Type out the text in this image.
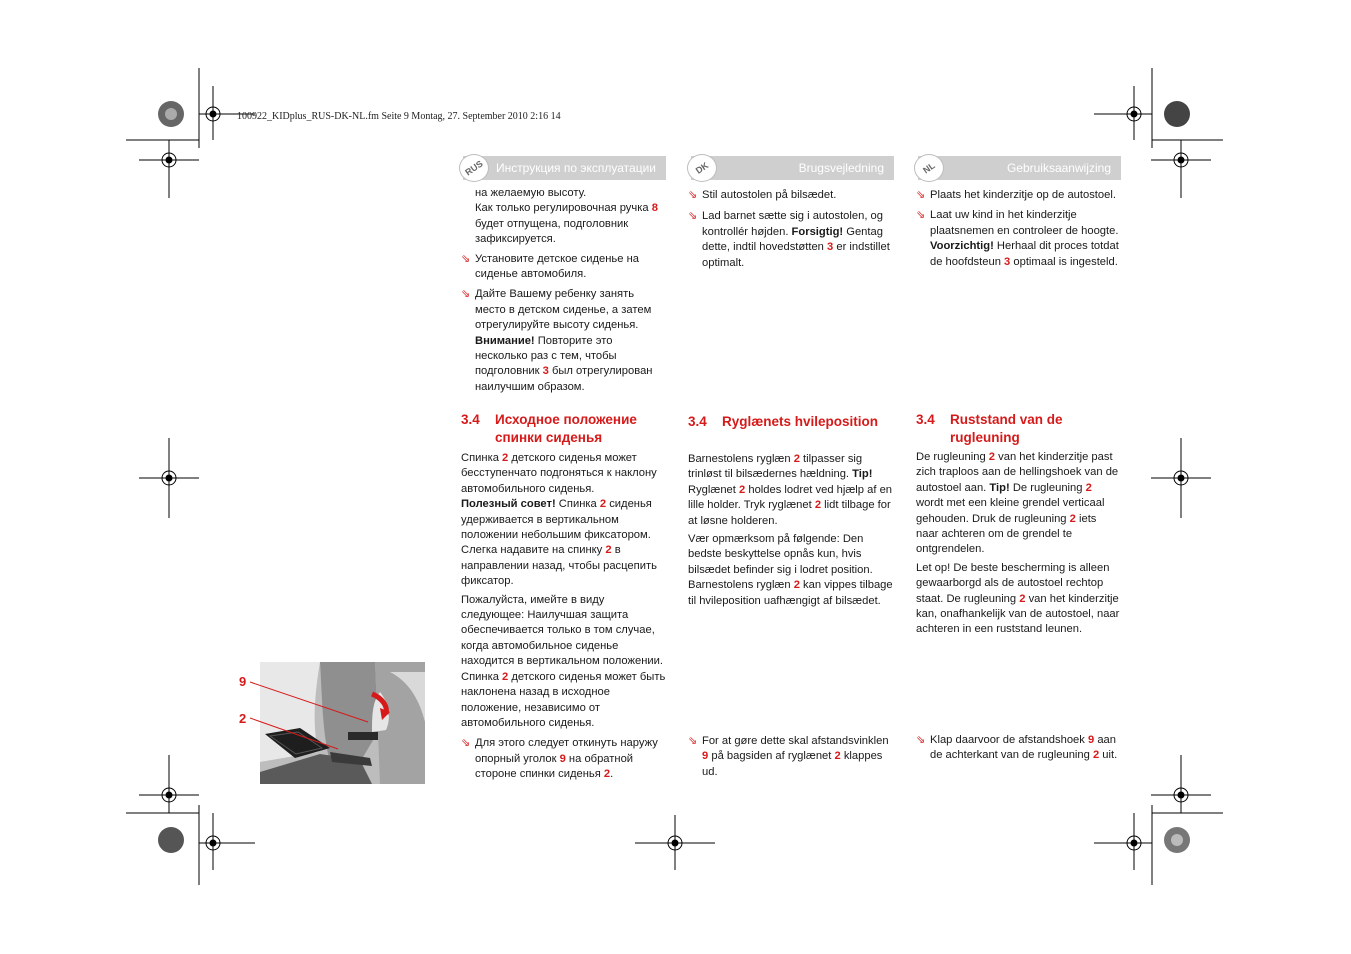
100922_KIDplus_RUS-DK-NL.fm Seite 9 Montag, 27. September 2010 2:16 14
RUS Инструкция по эксплуатации	DK	Brugsvejledning	NL	Gebruiksaanwijzing

на желаемую высоту.

Как только регулировочная ручка 8 будет отпущена, подголовник зафиксируется.

⇘ Установите детское сиденье на сиденье автомобиля.

⇘ Дайте Вашему ребенку занять место в детском сиденье, а затем отрегулируйте высоту сиденья. Внимание! Повторите это несколько раз с тем, чтобы подголовник 3 был отрегулирован наилучшим образом.

3.4 Исходное положение спинки сиденья

Спинка 2 детского сиденья может бесступенчато подгоняться к наклону автомобильного сиденья.

Полезный совет! Спинка 2 сиденья удерживается в вертикальном положении небольшим фиксатором. Слегка надавите на спинку 2 в направлении назад, чтобы расцепить фиксатор.

Пожалуйста, имейте в виду следующее: Наилучшая защита обеспечивается только в том случае, когда автомобильное сиденье находится в вертикальном положении. Спинка 2 детского сиденья может быть наклонена назад в исходное положение, независимо от автомобильного сиденья.

⇘ Для этого следует откинуть наружу опорный уголок 9 на обратной стороне спинки сиденья 2.

⇘ Stil autostolen på bilsædet.

⇘ Lad barnet sætte sig i autostolen, og kontrollér højden. Forsigtig! Gentag dette, indtil hovedstøtten 3 er indstillet optimalt.

3.4 Ryglænets hvileposition

Barnestolens ryglæn 2 tilpasser sig trinløst til bilsædernes hældning. Tip! Ryglænet 2 holdes lodret ved hjælp af en lille holder. Tryk ryglænet 2 lidt tilbage for at løsne holderen.

Vær opmærksom på følgende: Den bedste beskyttelse opnås kun, hvis bilsædet befinder sig i lodret position. Barnestolens ryglæn 2 kan vippes tilbage til hvileposition uafhængigt af bilsædet.

⇘ For at gøre dette skal afstandsvinklen 9 på bagsiden af ryglænet 2 klappes ud.

⇘ Plaats het kinderzitje op de autostoel.

⇘ Laat uw kind in het kinderzitje plaatsnemen en controleer de hoogte. Voorzichtig! Herhaal dit proces totdat de hoofdsteun 3 optimaal is ingesteld.

3.4 Ruststand van de rugleuning

De rugleuning 2 van het kinderzitje past zich traploos aan de hellingshoek van de autostoel aan. Tip! De rugleuning 2 wordt met een kleine grendel verticaal gehouden. Druk de rugleuning 2 iets naar achteren om de grendel te ontgrendelen.

Let op! De beste bescherming is alleen gewaarborgd als de autostoel rechtop staat. De rugleuning 2 van het kinderzitje kan, onafhankelijk van de autostoel, naar achteren in een ruststand leunen.

⇘ Klap daarvoor de afstandshoek 9 aan de achterkant van de rugleuning 2 uit.

9
2
